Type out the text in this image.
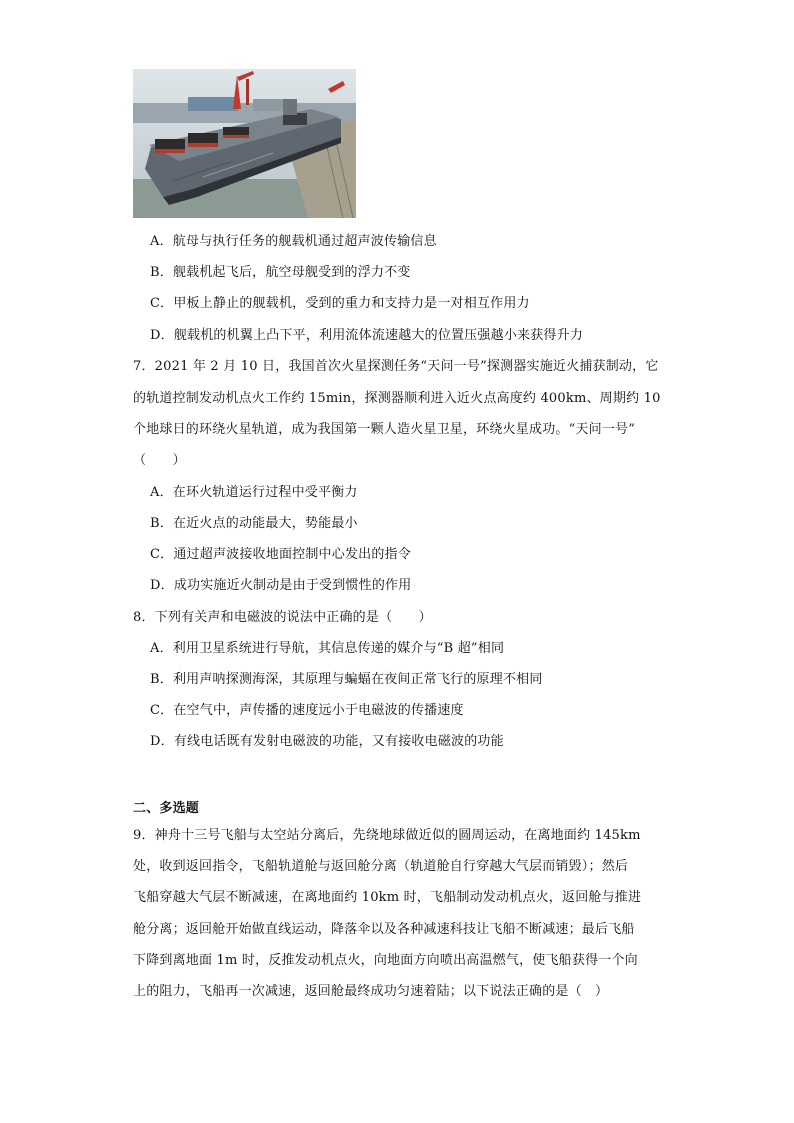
A．航母与执行任务的舰载机通过超声波传输信息
B．舰载机起飞后，航空母舰受到的浮力不变
C．甲板上静止的舰载机，受到的重力和支持力是一对相互作用力
D．舰载机的机翼上凸下平，利用流体流速越大的位置压强越小来获得升力
7．2021 年 2 月 10 日，我国首次火星探测任务“天问一号”探测器实施近火捕获制动，它
的轨道控制发动机点火工作约 15min，探测器顺利进入近火点高度约 400km、周期约 10
个地球日的环绕火星轨道，成为我国第一颗人造火星卫星，环绕火星成功。“天问一号”
（　　）
A．在环火轨道运行过程中受平衡力
B．在近火点的动能最大，势能最小
C．通过超声波接收地面控制中心发出的指令
D．成功实施近火制动是由于受到惯性的作用
8．下列有关声和电磁波的说法中正确的是（　　）
A．利用卫星系统进行导航，其信息传递的媒介与“B 超”相同
B．利用声呐探测海深，其原理与蝙蝠在夜间正常飞行的原理不相同
C．在空气中，声传播的速度远小于电磁波的传播速度
D．有线电话既有发射电磁波的功能，又有接收电磁波的功能
二、多选题
9．神舟十三号飞船与太空站分离后，先绕地球做近似的圆周运动，在离地面约 145km
处，收到返回指令，飞船轨道舱与返回舱分离（轨道舱自行穿越大气层而销毁）；然后
飞船穿越大气层不断减速，在离地面约 10km 时，飞船制动发动机点火，返回舱与推进
舱分离；返回舱开始做直线运动，降落伞以及各种减速科技让飞船不断减速；最后飞船
下降到离地面 1m 时，反推发动机点火，向地面方向喷出高温燃气，使飞船获得一个向
上的阻力，飞船再一次减速，返回舱最终成功匀速着陆；以下说法正确的是（　）
